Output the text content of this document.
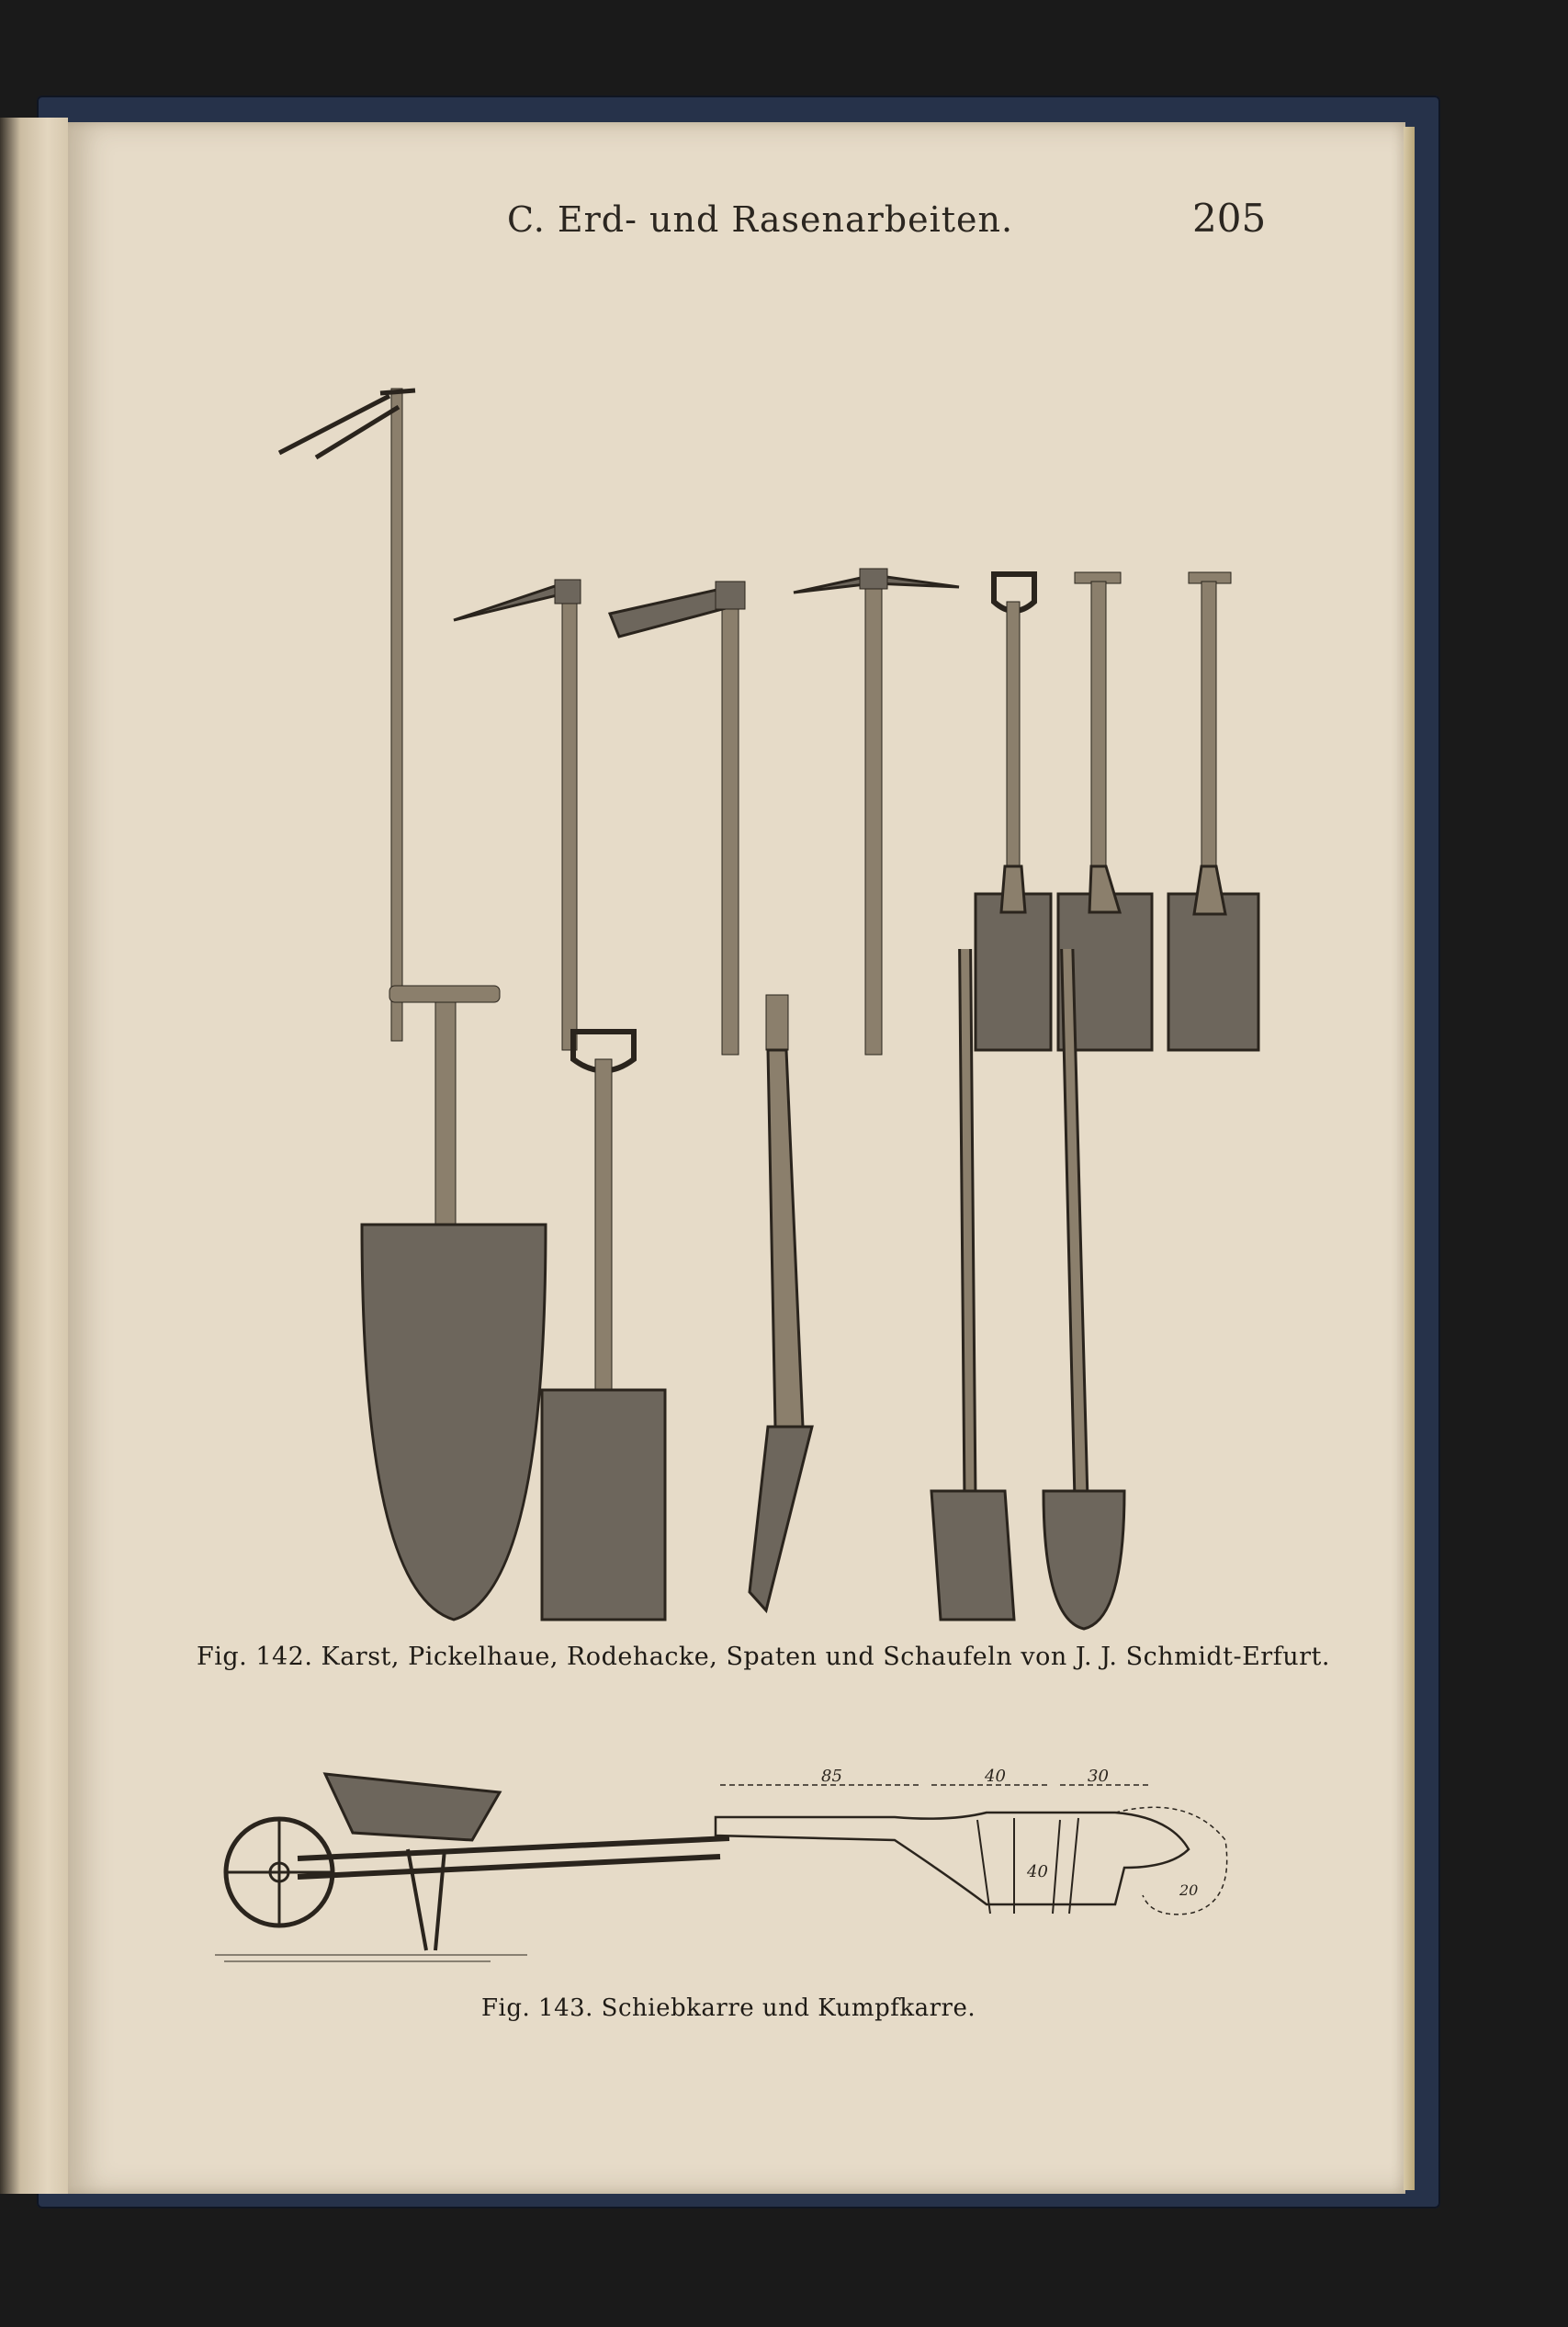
C. Erd- und Rasenarbeiten.	205
Fig. 142. Karst, Pickelhaue, Rodehacke, Spaten und Schaufeln von J. J. Schmidt-Erfurt.
85	40	30
40
20
Fig. 143. Schiebkarre und Kumpfkarre.
